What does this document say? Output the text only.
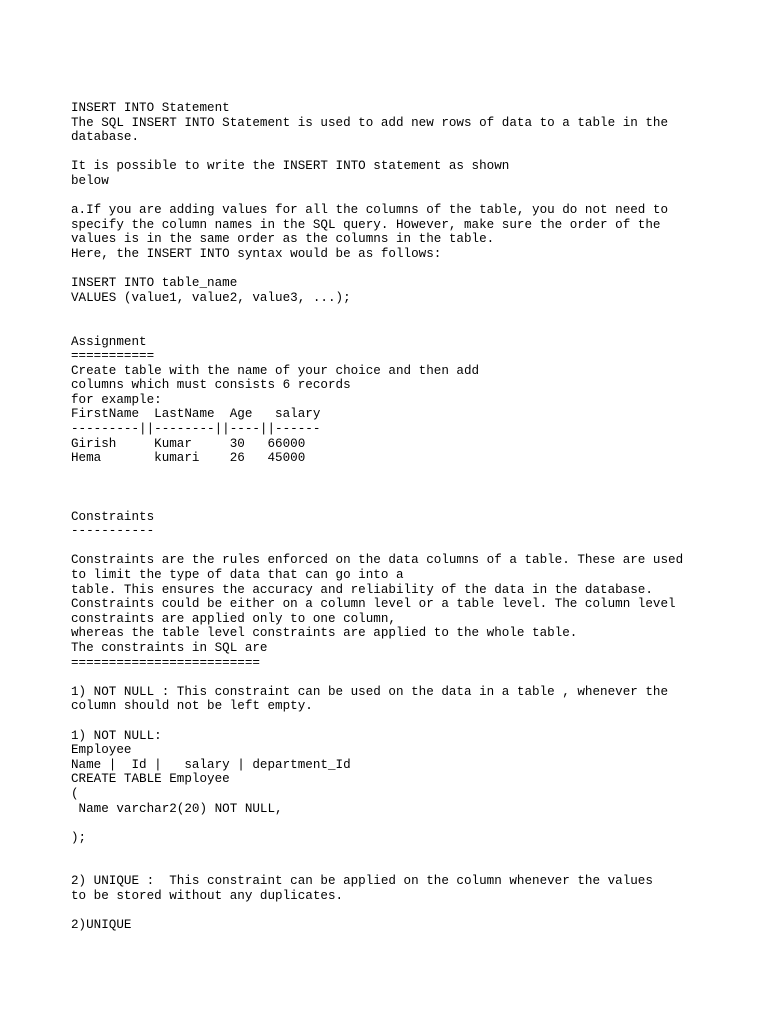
INSERT INTO Statement
The SQL INSERT INTO Statement is used to add new rows of data to a table in the
database.
It is possible to write the INSERT INTO statement as shown
below
a.If you are adding values for all the columns of the table, you do not need to
specify the column names in the SQL query. However, make sure the order of the
values is in the same order as the columns in the table.
Here, the INSERT INTO syntax would be as follows:
INSERT INTO table_name
VALUES (value1, value2, value3, ...);
Assignment
===========
Create table with the name of your choice and then add
columns which must consists 6 records
for example:
FirstName  LastName  Age   salary
---------||--------||----||------
Girish     Kumar     30   66000
Hema       kumari    26   45000
Constraints
-----------
Constraints are the rules enforced on the data columns of a table. These are used
to limit the type of data that can go into a
table. This ensures the accuracy and reliability of the data in the database.
Constraints could be either on a column level or a table level. The column level
constraints are applied only to one column,
whereas the table level constraints are applied to the whole table.
The constraints in SQL are
=========================
1) NOT NULL : This constraint can be used on the data in a table , whenever the
column should not be left empty.
1) NOT NULL:
Employee
Name |  Id |   salary | department_Id
CREATE TABLE Employee
(
Name varchar2(20) NOT NULL,
);
2) UNIQUE :  This constraint can be applied on the column whenever the values
to be stored without any duplicates.
2)UNIQUE
